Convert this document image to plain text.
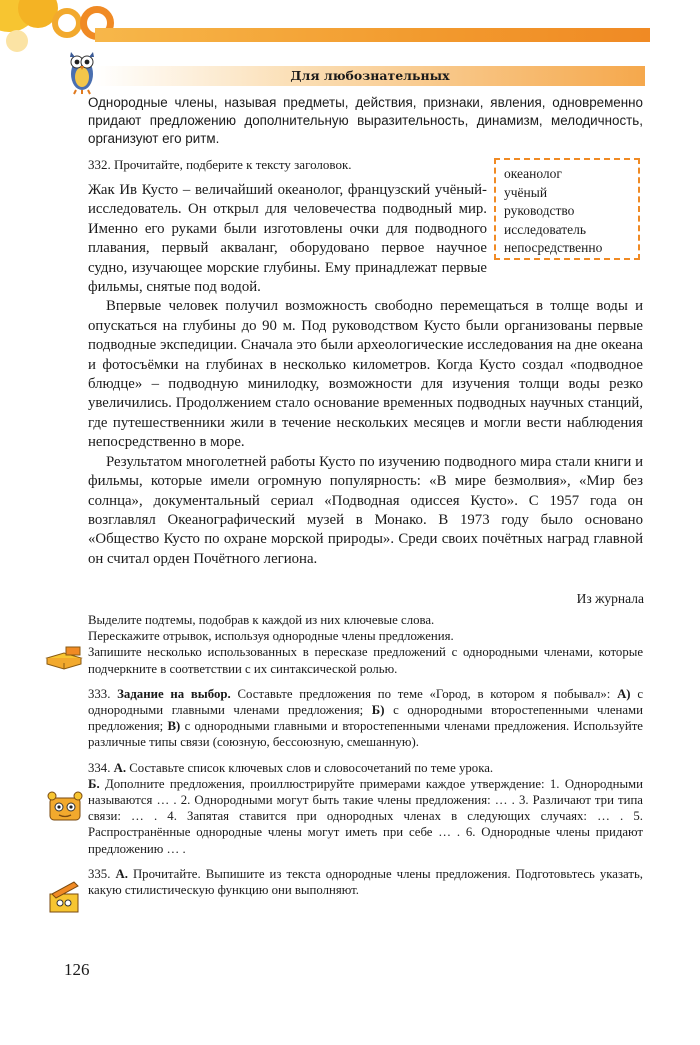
Для любознательных
Однородные члены, называя предметы, действия, признаки, явления, одновременно придают предложению дополнительную выразительность, динамизм, мелодичность, организуют его ритм.
332. Прочитайте, подберите к тексту заголовок.
океанолог
учёный
руководство
исследователь
непосредственно

Жак Ив Кусто – величайший океанолог, французский учёный-исследователь. Он открыл для человечества подводный мир. Именно его руками были изготовлены очки для подводного плавания, первый акваланг, оборудовано первое научное судно, изучающее морские глубины. Ему принадлежат первые фильмы, снятые под водой.

Впервые человек получил возможность свободно перемещаться в толще воды и опускаться на глубины до 90 м. Под руководством Кусто были организованы первые подводные экспедиции. Сначала это были археологические исследования на дне океана и фотосъёмки на глубинах в несколько километров. Когда Кусто создал «подводное блюдце» – подводную минилодку, возможности для изучения толщи воды резко увеличились. Продолжением стало основание временных подводных научных станций, где путешественники жили в течение нескольких месяцев и могли вести наблюдения непосредственно в море.

Результатом многолетней работы Кусто по изучению подводного мира стали книги и фильмы, которые имели огромную популярность: «В мире безмолвия», «Мир без солнца», документальный сериал «Подводная одиссея Кусто». С 1957 года он возглавлял Океанографический музей в Монако. В 1973 году было основано «Общество Кусто по охране морской природы». Среди своих почётных наград главной он считал орден Почётного легиона.

Из журнала

Выделите подтемы, подобрав к каждой из них ключевые слова.

Перескажите отрывок, используя однородные члены предложения.

Запишите несколько использованных в пересказе предложений с однородными членами, которые подчеркните в соответствии с их синтаксической ролью.

333. Задание на выбор. Составьте предложения по теме «Город, в котором я побывал»: А) с однородными главными членами предложения; Б) с однородными второстепенными членами предложения; В) с однородными главными и второстепенными членами предложения. Используйте различные типы связи (союзную, бессоюзную, смешанную).

334. А. Составьте список ключевых слов и словосочетаний по теме урока.

Б. Дополните предложения, проиллюстрируйте примерами каждое утверждение: 1. Однородными называются … . 2. Однородными могут быть такие члены предложения: … . 3. Различают три типа связи: … . 4. Запятая ставится при однородных членах в следующих случаях: … . 5. Распространённые однородные члены могут иметь при себе … . 6. Однородные члены придают предложению … .

335. А. Прочитайте. Выпишите из текста однородные члены предложения. Подготовьтесь указать, какую стилистическую функцию они выполняют.

126
